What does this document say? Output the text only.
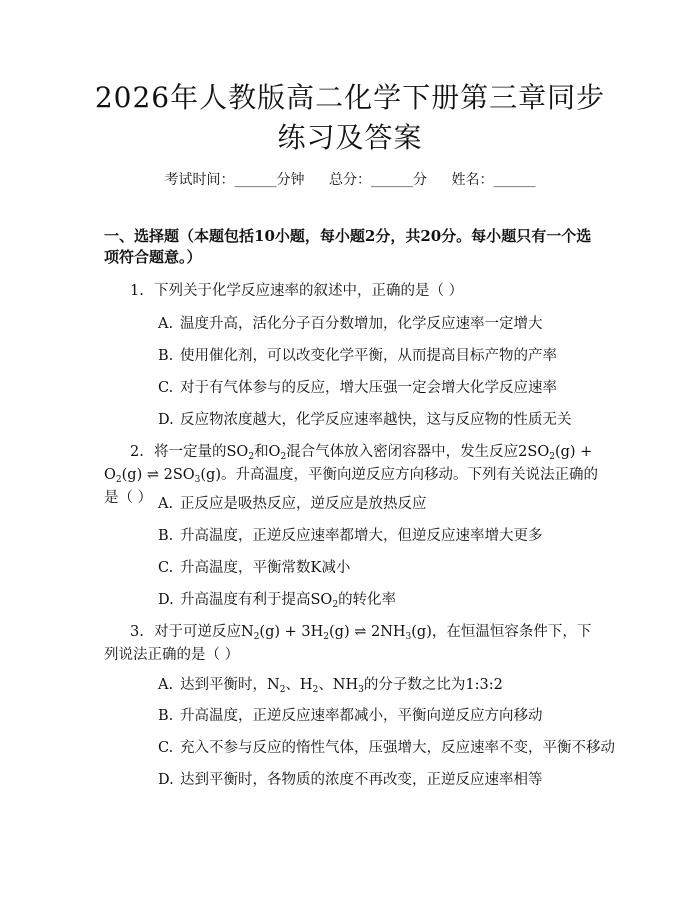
2026年人教版高二化学下册第三章同步练习及答案
考试时间：______分钟 总分：______分 姓名：______
一、选择题（本题包括10小题，每小题2分，共20分。每小题只有一个选项符合题意。）
1. 下列关于化学反应速率的叙述中，正确的是（ ）
A. 温度升高，活化分子百分数增加，化学反应速率一定增大
B. 使用催化剂，可以改变化学平衡，从而提高目标产物的产率
C. 对于有气体参与的反应，增大压强一定会增大化学反应速率
D. 反应物浓度越大，化学反应速率越快，这与反应物的性质无关
2. 将一定量的$SO_2$和$O_2$混合气体放入密闭容器中，发生反应$2SO_2(g) + O_2(g)$ ⇌ $2SO_3(g)$。升高温度，平衡向逆反应方向移动。下列有关说法正确的是（ ） A. 正反应是吸热反应，逆反应是放热反应
B. 升高温度，正逆反应速率都增大，但逆反应速率增大更多
C. 升高温度，平衡常数K减小
D. 升高温度有利于提高$SO_2$的转化率
3. 对于可逆反应$N_2(g) + 3H_2(g)$ ⇌ $2NH_3(g)$，在恒温恒容条件下，下列说法正确的是（ ）
A. 达到平衡时，$N_2$、$H_2$、$NH_3$的分子数之比为1:3:2
B. 升高温度，正逆反应速率都减小，平衡向逆反应方向移动
C. 充入不参与反应的惰性气体，压强增大，反应速率不变，平衡不移动
D. 达到平衡时，各物质的浓度不再改变，正逆反应速率相等
